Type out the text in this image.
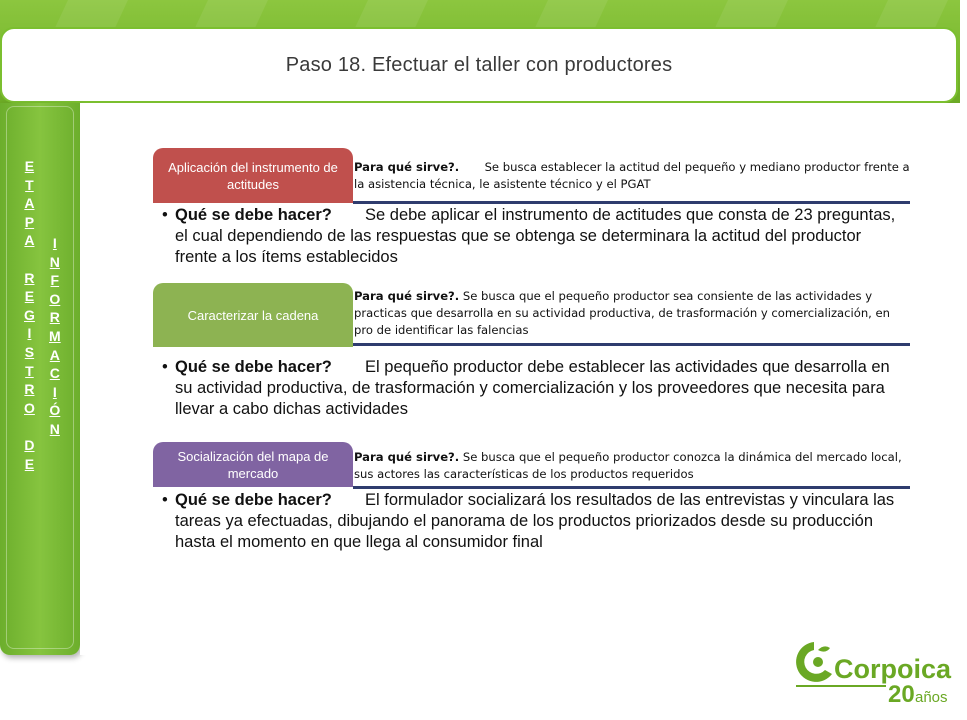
Paso 18. Efectuar el taller con productores
E
T
A
P
A
R
E
G
I
S
T
R
O
D
E
I
N
F
O
R
M
A
C
I
Ó
N
Aplicación del instrumento de actitudes
Para qué sirve?. Se busca establecer la actitud del pequeño y mediano productor frente a la asistencia técnica, le asistente técnico y el PGAT
• Qué se debe hacer? Se debe aplicar el instrumento de actitudes que consta de 23 preguntas, el cual dependiendo de las respuestas que se obtenga se determinara la actitud del productor frente a los ítems establecidos
Caracterizar la cadena
Para qué sirve?. Se busca que el pequeño productor sea consiente de las actividades y practicas que desarrolla en su actividad productiva, de trasformación y comercialización, en pro de identificar las falencias
• Qué se debe hacer? El pequeño productor debe establecer las actividades que desarrolla en su actividad productiva, de trasformación y comercialización y los proveedores que necesita para llevar a cabo dichas actividades
Socialización del mapa de mercado
Para qué sirve?. Se busca que el pequeño productor conozca la dinámica del mercado local, sus actores las características de los productos requeridos
• Qué se debe hacer? El formulador socializará los resultados de las entrevistas y vinculara las tareas ya efectuadas, dibujando el panorama de los productos priorizados desde su producción hasta el momento en que llega al consumidor final
Corpoica
20 años
